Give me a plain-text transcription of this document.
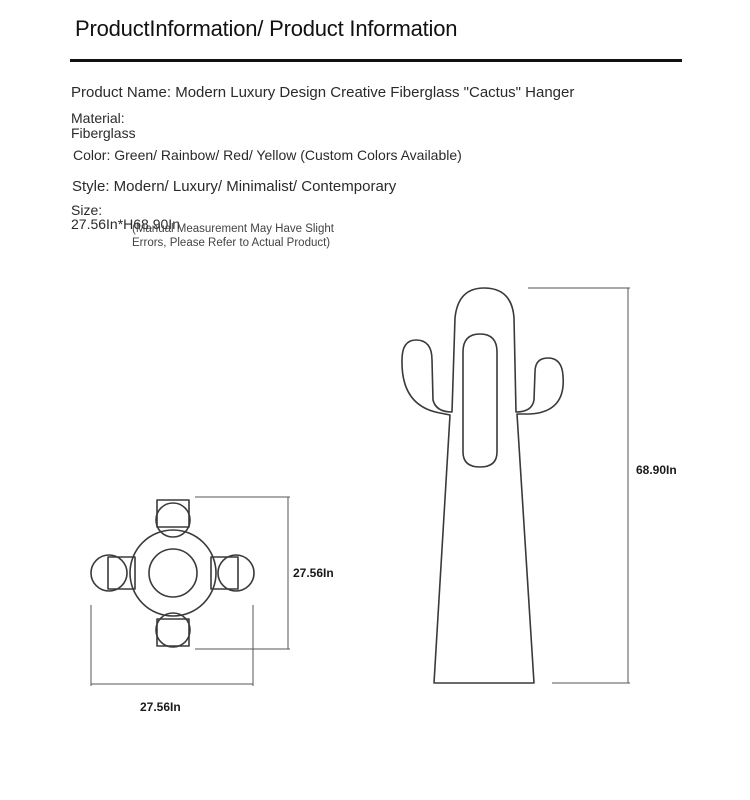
ProductInformation/ Product Information
Product Name: Modern Luxury Design Creative Fiberglass "Cactus" Hanger
Material:
Fiberglass
Color: Green/ Rainbow/ Red/ Yellow (Custom Colors Available)
Style: Modern/ Luxury/ Minimalist/ Contemporary
Size:
27.56In*H68.90In
(Manual Measurement May Have Slight
Errors, Please Refer to Actual Product)
68.90In
27.56In
27.56In
